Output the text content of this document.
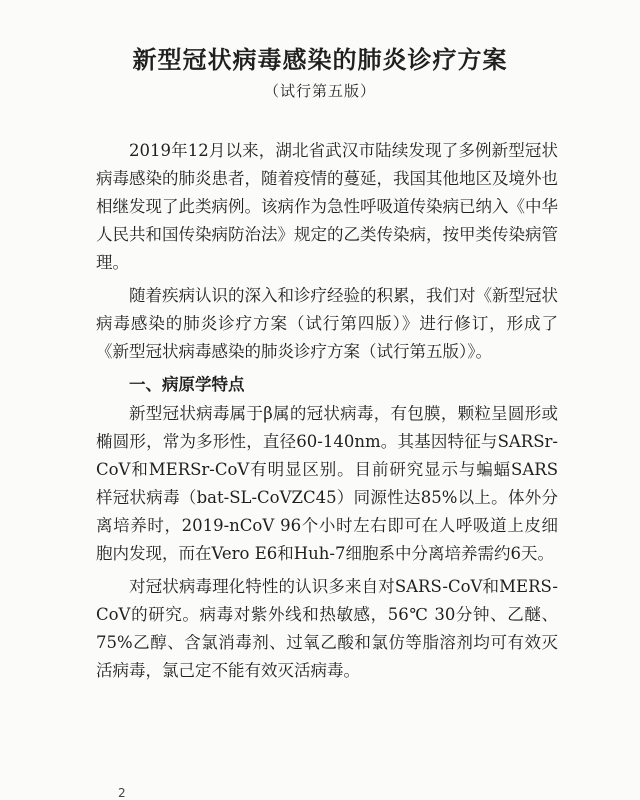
新型冠状病毒感染的肺炎诊疗方案
（试行第五版）

2019年12月以来，湖北省武汉市陆续发现了多例新型冠状病毒感染的肺炎患者，随着疫情的蔓延，我国其他地区及境外也相继发现了此类病例。该病作为急性呼吸道传染病已纳入《中华人民共和国传染病防治法》规定的乙类传染病，按甲类传染病管理。

随着疾病认识的深入和诊疗经验的积累，我们对《新型冠状病毒感染的肺炎诊疗方案（试行第四版）》进行修订，形成了《新型冠状病毒感染的肺炎诊疗方案（试行第五版）》。

一、病原学特点

新型冠状病毒属于β属的冠状病毒，有包膜，颗粒呈圆形或椭圆形，常为多形性，直径60-140nm。其基因特征与SARSr-CoV和MERSr-CoV有明显区别。目前研究显示与蝙蝠SARS样冠状病毒（bat-SL-CoVZC45）同源性达85%以上。体外分离培养时，2019-nCoV 96个小时左右即可在人呼吸道上皮细胞内发现，而在Vero E6和Huh-7细胞系中分离培养需约6天。

对冠状病毒理化特性的认识多来自对SARS-CoV和MERS-CoV的研究。病毒对紫外线和热敏感，56℃ 30分钟、乙醚、75%乙醇、含氯消毒剂、过氧乙酸和氯仿等脂溶剂均可有效灭活病毒，氯己定不能有效灭活病毒。

2
